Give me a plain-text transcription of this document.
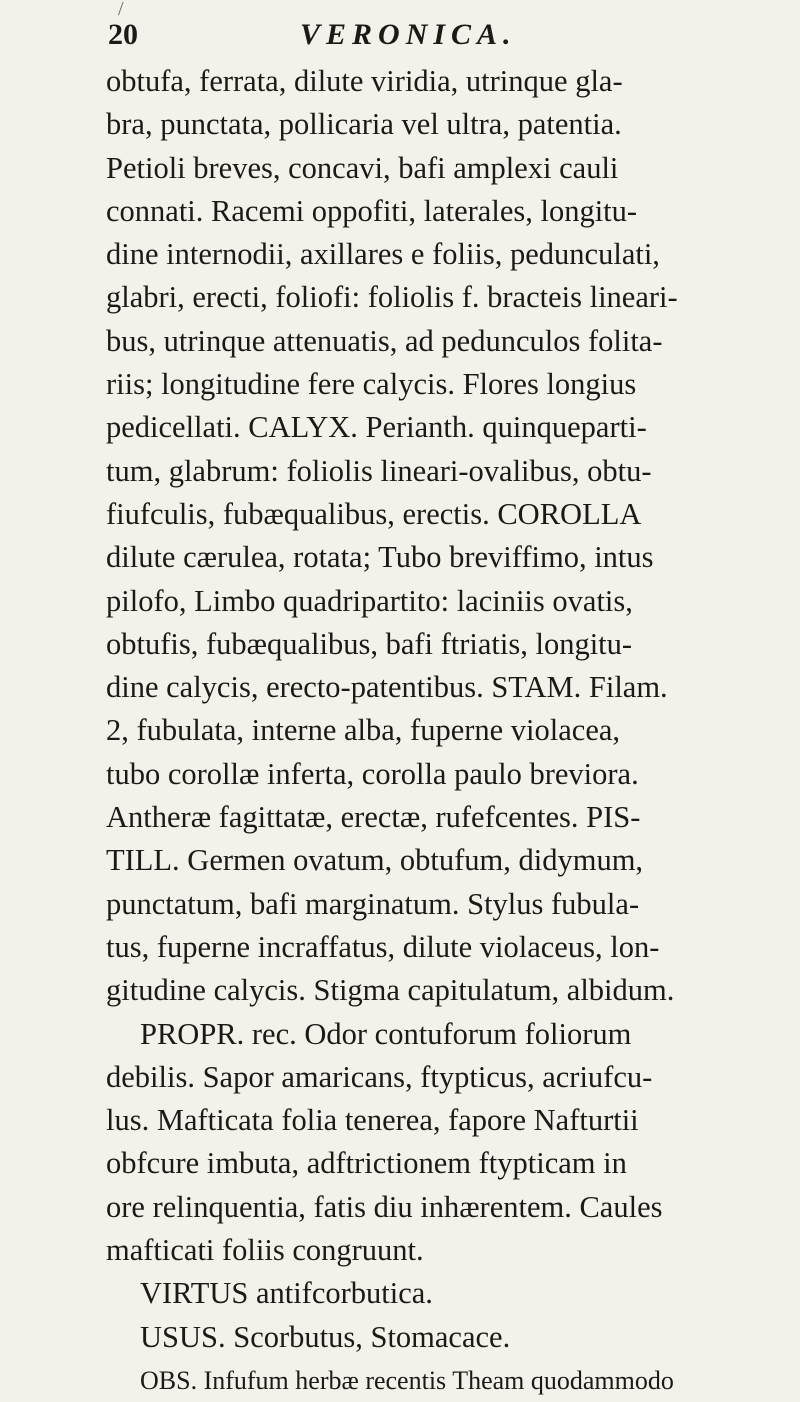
/
20	VERONICA.
obtufa, ferrata, dilute viridia, utrinque gla-
bra, punctata, pollicaria vel ultra, patentia.
Petioli breves, concavi, bafi amplexi cauli
connati. Racemi oppofiti, laterales, longitu-
dine internodii, axillares e foliis, pedunculati,
glabri, erecti, foliofi: foliolis f. bracteis lineari-
bus, utrinque attenuatis, ad pedunculos folita-
riis; longitudine fere calycis. Flores longius
pedicellati. CALYX. Perianth. quinqueparti-
tum, glabrum: foliolis lineari-ovalibus, obtu-
fiufculis, fubæqualibus, erectis. COROLLA
dilute cærulea, rotata; Tubo breviffimo, intus
pilofo, Limbo quadripartito: laciniis ovatis,
obtufis, fubæqualibus, bafi ftriatis, longitu-
dine calycis, erecto-patentibus. STAM. Filam.
2, fubulata, interne alba, fuperne violacea,
tubo corollæ inferta, corolla paulo breviora.
Antheræ fagittatæ, erectæ, rufefcentes. PIS-
TILL. Germen ovatum, obtufum, didymum,
punctatum, bafi marginatum. Stylus fubula-
tus, fuperne incraffatus, dilute violaceus, lon-
gitudine calycis. Stigma capitulatum, albidum.
PROPR. rec. Odor contuforum foliorum
debilis. Sapor amaricans, ftypticus, acriufcu-
lus. Mafticata folia tenerea, fapore Nafturtii
obfcure imbuta, adftrictionem ftypticam in
ore relinquentia, fatis diu inhærentem. Caules
mafticati foliis congruunt.
VIRTUS antifcorbutica.
USUS. Scorbutus, Stomacace.
OBS. Infufum herbæ recentis Theam quodammodo
